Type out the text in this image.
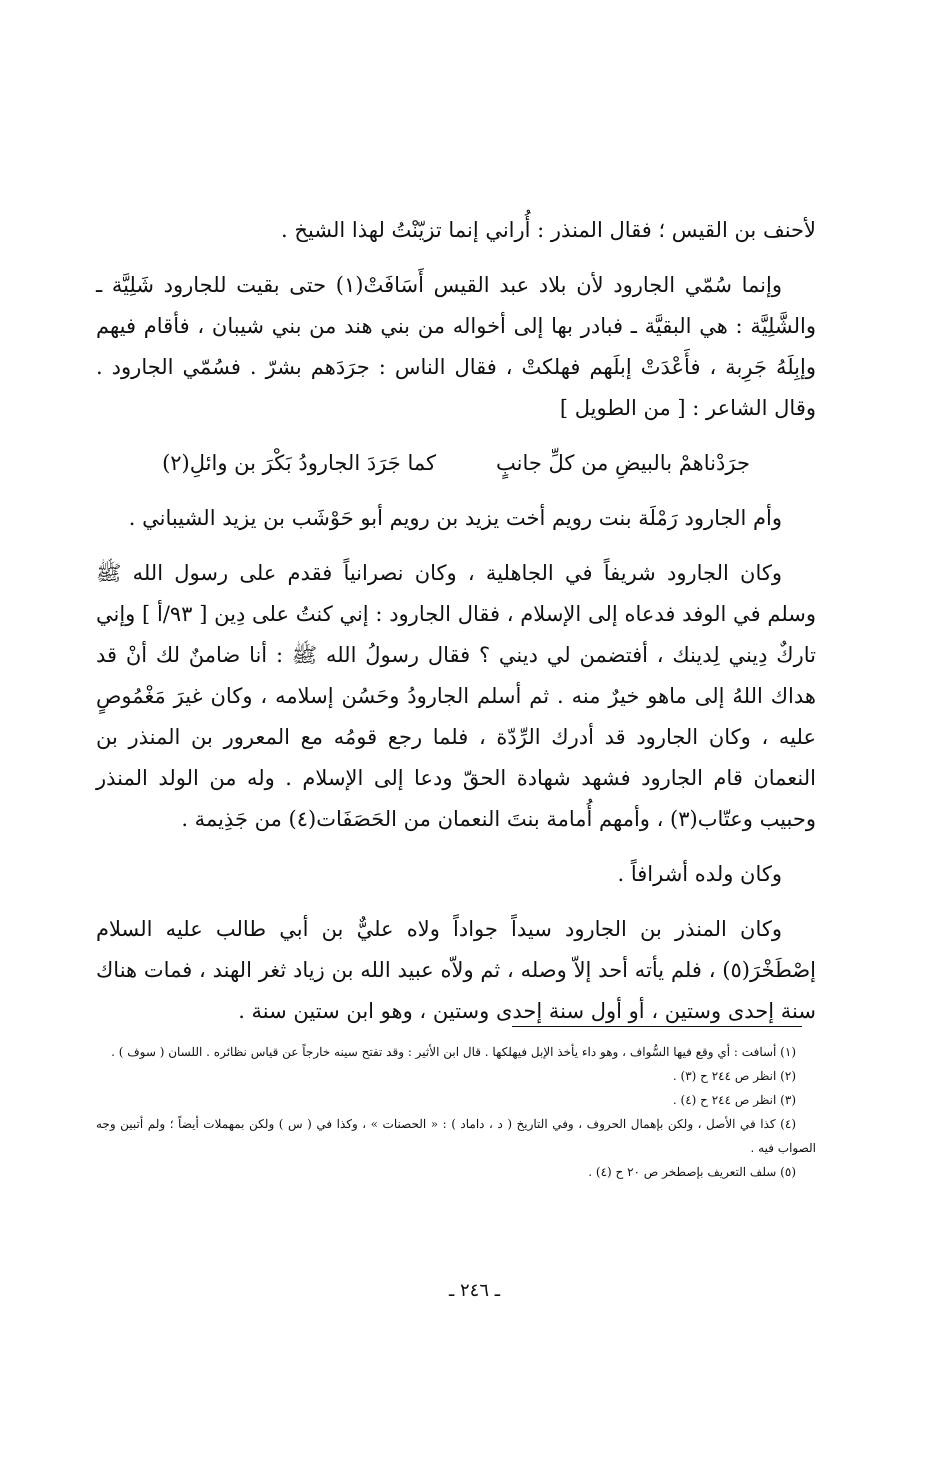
لأحنف بن القيس ؛ فقال المنذر : أُراني إنما تزيّنْتُ لهذا الشيخ .

وإنما سُمّي الجارود لأن بلاد عبد القيس أَسَافَتْ(١) حتى بقيت للجارود شَلِيَّة ـ والشَّلِيَّة : هي البقيَّة ـ فبادر بها إلى أخواله من بني هند من بني شيبان ، فأقام فيهم وإبِلَهُ جَرِبة ، فأَعْدَتْ إبلَهم فهلكتْ ، فقال الناس : جرَدَهم بشرّ . فسُمّي الجارود . وقال الشاعر : [ من الطويل ]

جرَدْناهمْ بالبيضِ من كلِّ جانبٍ
كما جَرَدَ الجارودُ بَكْرَ بن وائلِ(٢)

وأم الجارود رَمْلَة بنت رويم أخت يزيد بن رويم أبو حَوْشَب بن يزيد الشيباني .

وكان الجارود شريفاً في الجاهلية ، وكان نصرانياً فقدم على رسول الله ﷺ وسلم في الوفد فدعاه إلى الإسلام ، فقال الجارود : إني كنتُ على دِين [ ٩٣/أ ] وإني تاركٌ دِيني لِدينك ، أفتضمن لي ديني ؟ فقال رسولُ الله ﷺ : أنا ضامنٌ لك أنْ قد هداك اللهُ إلى ماهو خيرٌ منه . ثم أسلم الجارودُ وحَسُن إسلامه ، وكان غيرَ مَغْمُوصٍ عليه ، وكان الجارود قد أدرك الرِّدّة ، فلما رجع قومُه مع المعرور بن المنذر بن النعمان قام الجارود فشهد شهادة الحقّ ودعا إلى الإسلام . وله من الولد المنذر وحبيب وعتّاب(٣) ، وأمهم أُمامة بنتَ النعمان من الحَصَفَات(٤) من جَذِيمة .

وكان ولده أشرافاً .

وكان المنذر بن الجارود سيداً جواداً ولاه عليٌّ بن أبي طالب عليه السلام إصْطَخْرَ(٥) ، فلم يأته أحد إلاّ وصله ، ثم ولاّه عبيد الله بن زياد ثغر الهند ، فمات هناك سنة إحدى وستين ، أو أول سنة إحدى وستين ، وهو ابن ستين سنة .

(١) أسافت : أي وقع فيها السُّواف ، وهو داء يأخذ الإبل فيهلكها . قال ابن الأثير : وقد تفتح سينه خارجاً عن قياس نظائره . اللسان ( سوف ) .

(٢) انظر ص ٢٤٤ ح (٣) .

(٣) انظر ص ٢٤٤ ح (٤) .

(٤) كذا في الأصل ، ولكن بإهمال الحروف ، وفي التاريخ ( د ، داماد ) : « الحصنات » ، وكذا في ( س ) ولكن بمهملات أيضاً ؛ ولم أتبين وجه الصواب فيه .

(٥) سلف التعريف بإصطخر ص ٢٠ ح (٤) .

ـ ٢٤٦ ـ
